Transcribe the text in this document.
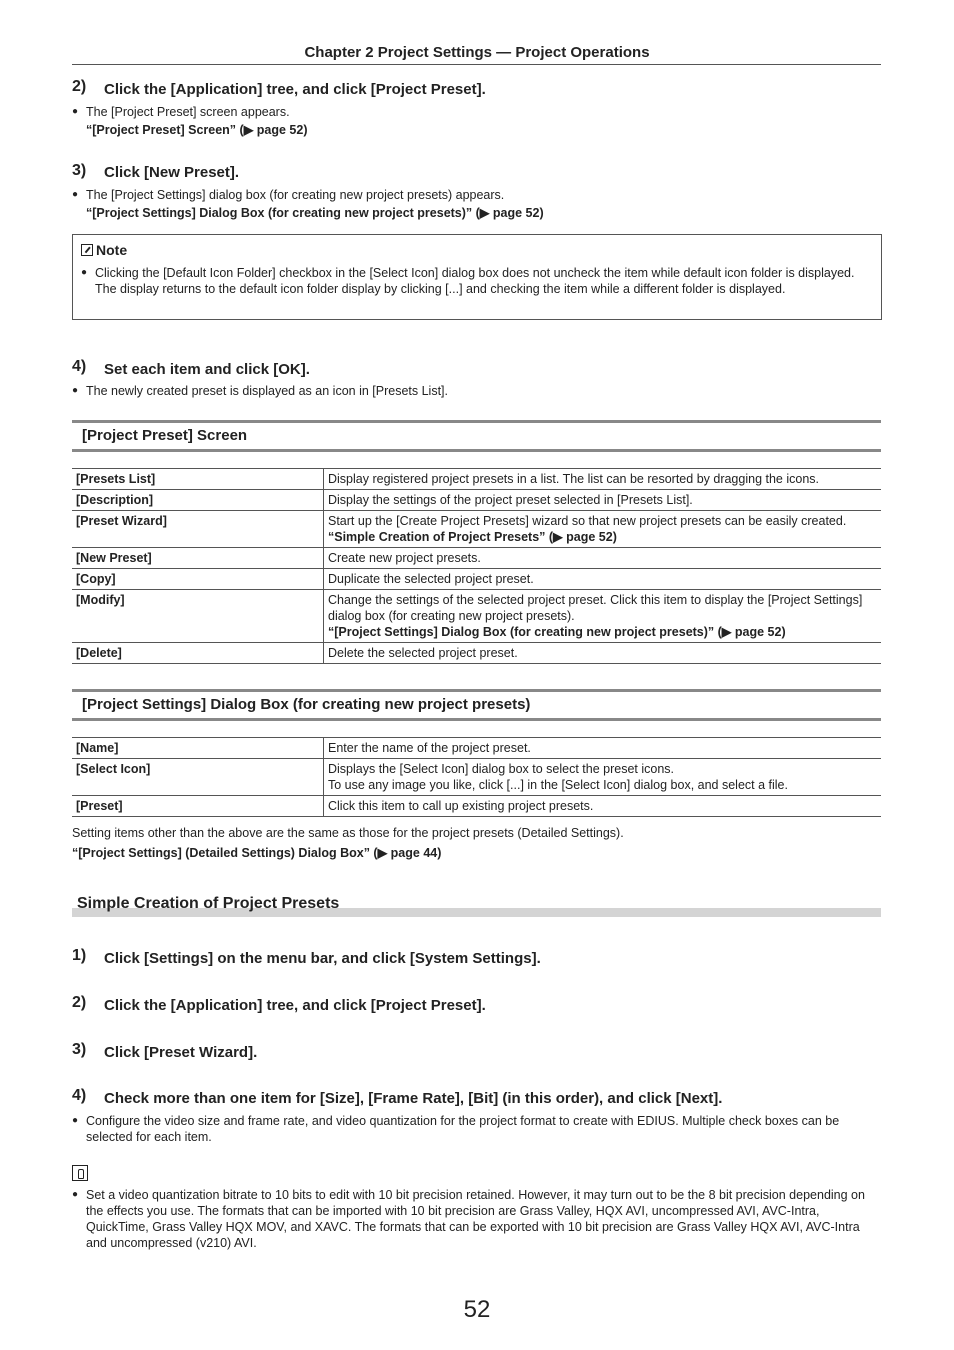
Chapter 2 Project Settings — Project Operations
2) Click the [Application] tree, and click [Project Preset].
● The [Project Preset] screen appears.
“[Project Preset] Screen” (▶ page 52)
3) Click [New Preset].
● The [Project Settings] dialog box (for creating new project presets) appears.
“[Project Settings] Dialog Box (for creating new project presets)” (▶ page 52)
Note
● Clicking the [Default Icon Folder] checkbox in the [Select Icon] dialog box does not uncheck the item while default icon folder is displayed. The display returns to the default icon folder display by clicking [...] and checking the item while a different folder is displayed.
4) Set each item and click [OK].
● The newly created preset is displayed as an icon in [Presets List].
[Project Preset] Screen
[Presets List]	Display registered project presets in a list. The list can be resorted by dragging the icons.

[Description]	Display the settings of the project preset selected in [Presets List].

[Preset Wizard]	Start up the [Create Project Presets] wizard so that new project presets can be easily created.
“Simple Creation of Project Presets” (▶ page 52)

[New Preset]	Create new project presets.

[Copy]	Duplicate the selected project preset.

[Modify]	Change the settings of the selected project preset. Click this item to display the [Project Settings] dialog box (for creating new project presets).
“[Project Settings] Dialog Box (for creating new project presets)” (▶ page 52)

[Delete]	Delete the selected project preset.
[Project Settings] Dialog Box (for creating new project presets)
[Name]	Enter the name of the project preset.

[Select Icon]	Displays the [Select Icon] dialog box to select the preset icons.
To use any image you like, click [...] in the [Select Icon] dialog box, and select a file.

[Preset]	Click this item to call up existing project presets.
Setting items other than the above are the same as those for the project presets (Detailed Settings).
“[Project Settings] (Detailed Settings) Dialog Box” (▶ page 44)
Simple Creation of Project Presets
1) Click [Settings] on the menu bar, and click [System Settings].
2) Click the [Application] tree, and click [Project Preset].
3) Click [Preset Wizard].
4) Check more than one item for [Size], [Frame Rate], [Bit] (in this order), and click [Next].
● Configure the video size and frame rate, and video quantization for the project format to create with EDIUS. Multiple check boxes can be selected for each item.
● Set a video quantization bitrate to 10 bits to edit with 10 bit precision retained. However, it may turn out to be the 8 bit precision depending on the effects you use. The formats that can be imported with 10 bit precision are Grass Valley, HQX AVI, uncompressed AVI, AVC-Intra, QuickTime, Grass Valley HQX MOV, and XAVC. The formats that can be exported with 10 bit precision are Grass Valley HQX AVI, AVC-Intra and uncompressed (v210) AVI.
52
